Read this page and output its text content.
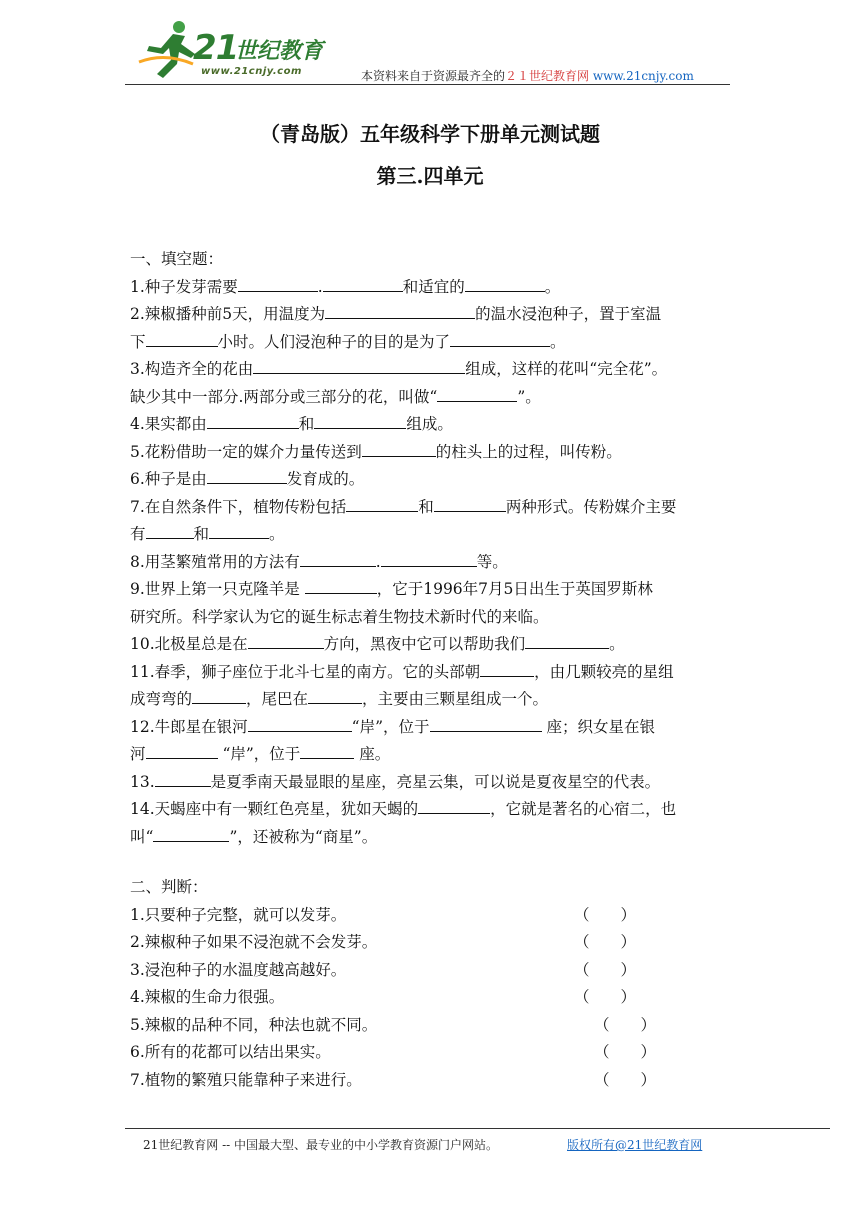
21
世纪教育
www.21cnjy.com	本资料来自于资源最齐全的２１世纪教育网 www.21cnjy.com
（青岛版）五年级科学下册单元测试题
第三.四单元
一、填空题：
1.种子发芽需要	.	和适宜的	。
2.辣椒播种前5天，用温度为	的温水浸泡种子，置于室温
下	小时。人们浸泡种子的目的是为了	。
3.构造齐全的花由	组成，这样的花叫“完全花”。
缺少其中一部分.两部分或三部分的花，叫做“	”。
4.果实都由	和	组成。
5.花粉借助一定的媒介力量传送到	的柱头上的过程，叫传粉。
6.种子是由	发育成的。
7.在自然条件下，植物传粉包括	和	两种形式。传粉媒介主要
有	和	。
8.用茎繁殖常用的方法有	.	等。
9.世界上第一只克隆羊是	，它于1996年7月5日出生于英国罗斯林
研究所。科学家认为它的诞生标志着生物技术新时代的来临。
10.北极星总是在	方向，黑夜中它可以帮助我们	。
11.春季，狮子座位于北斗七星的南方。它的头部朝	，由几颗较亮的星组
成弯弯的	，尾巴在	，主要由三颗星组成一个。
12.牛郎星在银河	“岸”，位于	座；织女星在银
河	“岸”，位于	座。
13.	是夏季南天最显眼的星座，亮星云集，可以说是夏夜星空的代表。
14.天蝎座中有一颗红色亮星，犹如天蝎的	，它就是著名的心宿二，也
叫“	”，还被称为“商星”。
二、判断：
1.只要种子完整，就可以发芽。	（　　）
2.辣椒种子如果不浸泡就不会发芽。	（　　）
3.浸泡种子的水温度越高越好。	（　　）
4.辣椒的生命力很强。	（　　）
5.辣椒的品种不同，种法也就不同。	（　　）
6.所有的花都可以结出果实。	（　　）
7.植物的繁殖只能靠种子来进行。	（　　）
21世纪教育网 -- 中国最大型、最专业的中小学教育资源门户网站。	版权所有@21世纪教育网
